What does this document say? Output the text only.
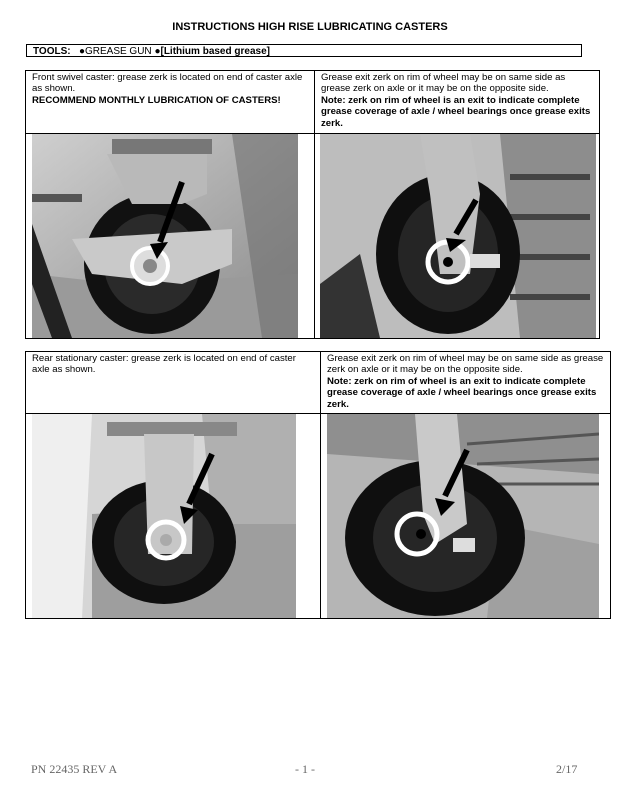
INSTRUCTIONS HIGH RISE LUBRICATING CASTERS
TOOLS: ●GREASE GUN ●[Lithium based grease]
Front swivel caster: grease zerk is located on end of caster axle as shown.
RECOMMEND MONTHLY LUBRICATION OF CASTERS!
Grease exit zerk on rim of wheel may be on same side as grease zerk on axle or it may be on the opposite side.
Note: zerk on rim of wheel is an exit to indicate complete grease coverage of axle / wheel bearings once grease exits zerk.
Rear stationary caster: grease zerk is located on end of caster axle as shown.
Grease exit zerk on rim of wheel may be on same side as grease zerk on axle or it may be on the opposite side.
Note: zerk on rim of wheel is an exit to indicate complete grease coverage of axle / wheel bearings once grease exits zerk.
PN 22435 REV A	- 1 -	2/17
